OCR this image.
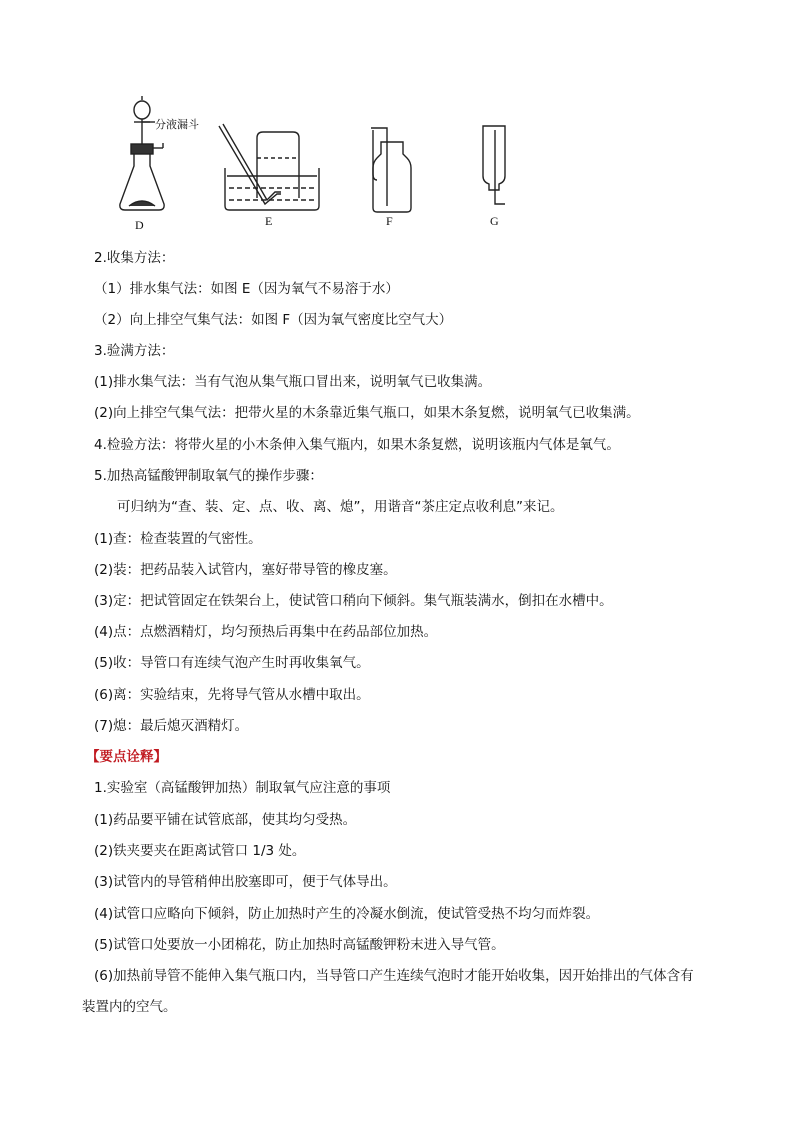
分液漏斗
D	E	F	G
2.收集方法：
（1）排水集气法：如图 E（因为氧气不易溶于水）
（2）向上排空气集气法：如图 F（因为氧气密度比空气大）
3.验满方法：
(1)排水集气法：当有气泡从集气瓶口冒出来，说明氧气已收集满。
(2)向上排空气集气法：把带火星的木条靠近集气瓶口，如果木条复燃，说明氧气已收集满。
4.检验方法：将带火星的小木条伸入集气瓶内，如果木条复燃，说明该瓶内气体是氧气。
5.加热高锰酸钾制取氧气的操作步骤：
可归纳为“查、装、定、点、收、离、熄”，用谐音“茶庄定点收利息”来记。
(1)查：检查装置的气密性。
(2)装：把药品装入试管内，塞好带导管的橡皮塞。
(3)定：把试管固定在铁架台上，使试管口稍向下倾斜。集气瓶装满水，倒扣在水槽中。
(4)点：点燃酒精灯，均匀预热后再集中在药品部位加热。
(5)收：导管口有连续气泡产生时再收集氧气。
(6)离：实验结束，先将导气管从水槽中取出。
(7)熄：最后熄灭酒精灯。
【要点诠释】
1.实验室（高锰酸钾加热）制取氧气应注意的事项
(1)药品要平铺在试管底部，使其均匀受热。
(2)铁夹要夹在距离试管口 1/3 处。
(3)试管内的导管稍伸出胶塞即可，便于气体导出。
(4)试管口应略向下倾斜，防止加热时产生的冷凝水倒流，使试管受热不均匀而炸裂。
(5)试管口处要放一小团棉花，防止加热时高锰酸钾粉末进入导气管。
(6)加热前导管不能伸入集气瓶口内，当导管口产生连续气泡时才能开始收集，因开始排出的气体含有
装置内的空气。
